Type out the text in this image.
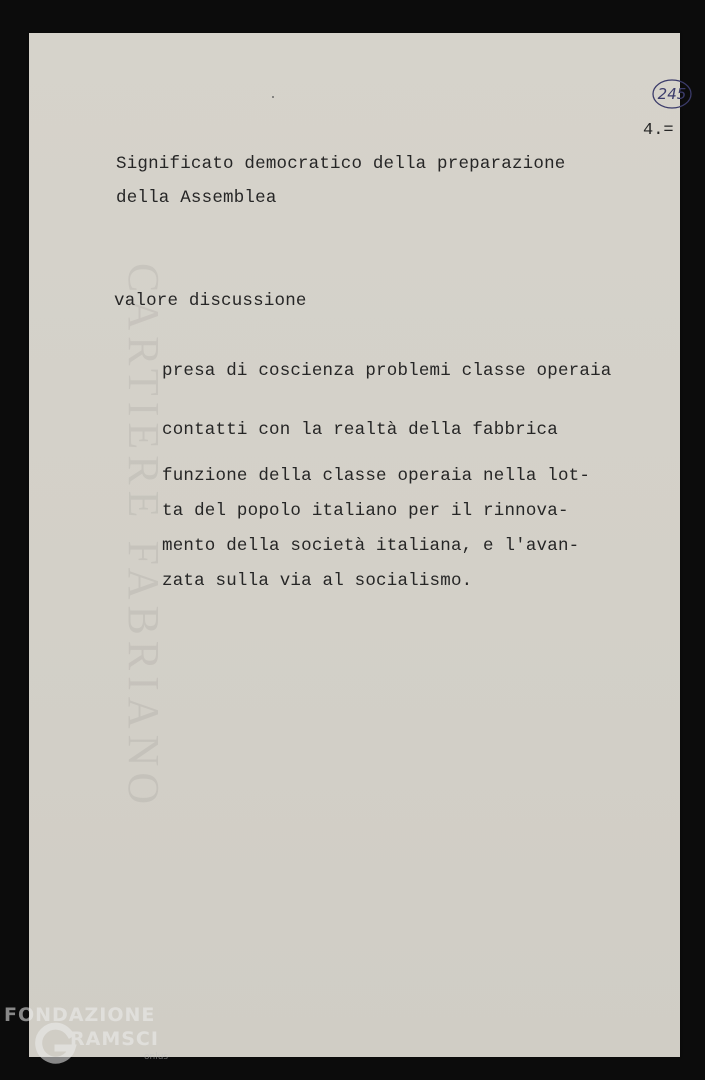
CARTIERE FABRIANO
245
4.=
Significato democratico della preparazione
della Assemblea
valore discussione
presa di coscienza problemi classe operaia
contatti con la realtà della fabbrica
funzione della classe operaia nella lot-
ta del popolo italiano per il rinnova-
mento della società italiana, e l'avan-
zata sulla via al socialismo.
FONDAZIONE
RAMSCI
onlus
